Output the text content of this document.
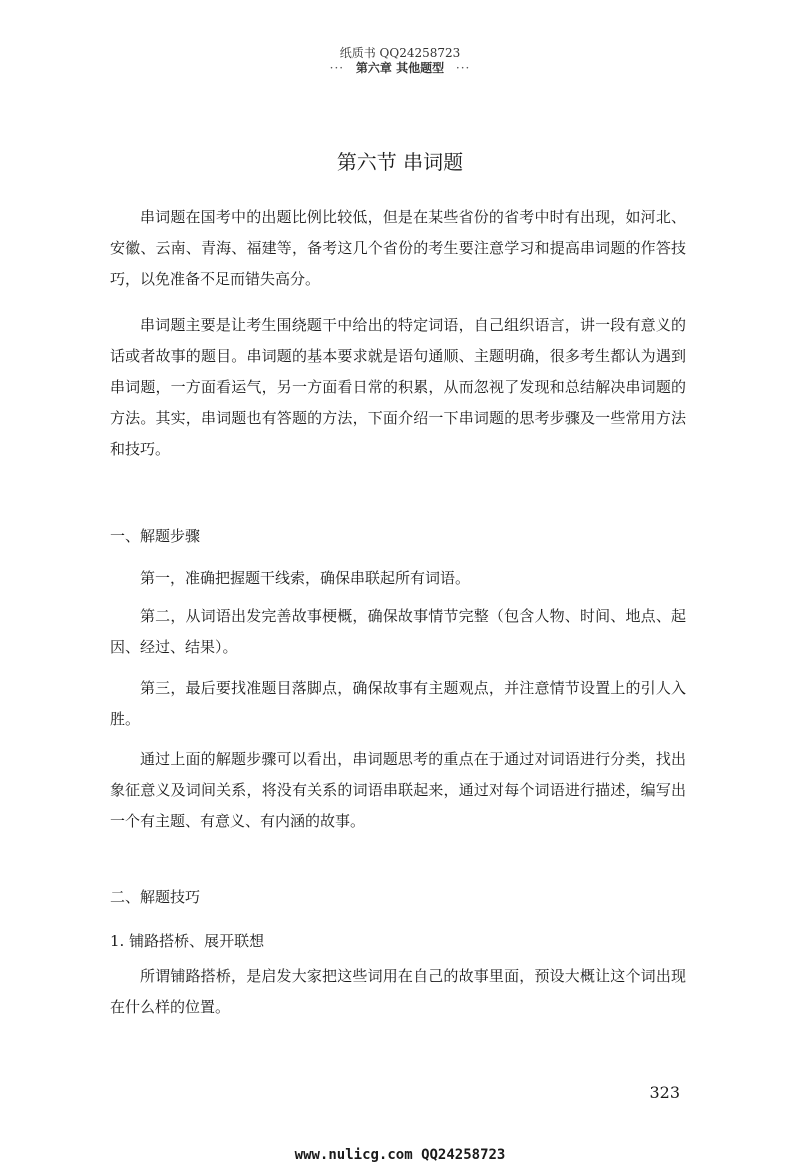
纸质书 QQ24258723
··· 第六章 其他题型 ···
第六节 串词题

串词题在国考中的出题比例比较低，但是在某些省份的省考中时有出现，如河北、安徽、云南、青海、福建等，备考这几个省份的考生要注意学习和提高串词题的作答技巧，以免准备不足而错失高分。

串词题主要是让考生围绕题干中给出的特定词语，自己组织语言，讲一段有意义的话或者故事的题目。串词题的基本要求就是语句通顺、主题明确，很多考生都认为遇到串词题，一方面看运气，另一方面看日常的积累，从而忽视了发现和总结解决串词题的方法。其实，串词题也有答题的方法，下面介绍一下串词题的思考步骤及一些常用方法和技巧。

一、解题步骤

第一，准确把握题干线索，确保串联起所有词语。

第二，从词语出发完善故事梗概，确保故事情节完整（包含人物、时间、地点、起因、经过、结果）。

第三，最后要找准题目落脚点，确保故事有主题观点，并注意情节设置上的引人入胜。

通过上面的解题步骤可以看出，串词题思考的重点在于通过对词语进行分类，找出象征意义及词间关系，将没有关系的词语串联起来，通过对每个词语进行描述，编写出一个有主题、有意义、有内涵的故事。

二、解题技巧
1. 铺路搭桥、展开联想

所谓铺路搭桥，是启发大家把这些词用在自己的故事里面，预设大概让这个词出现在什么样的位置。

323
www.nulicg.com QQ24258723
